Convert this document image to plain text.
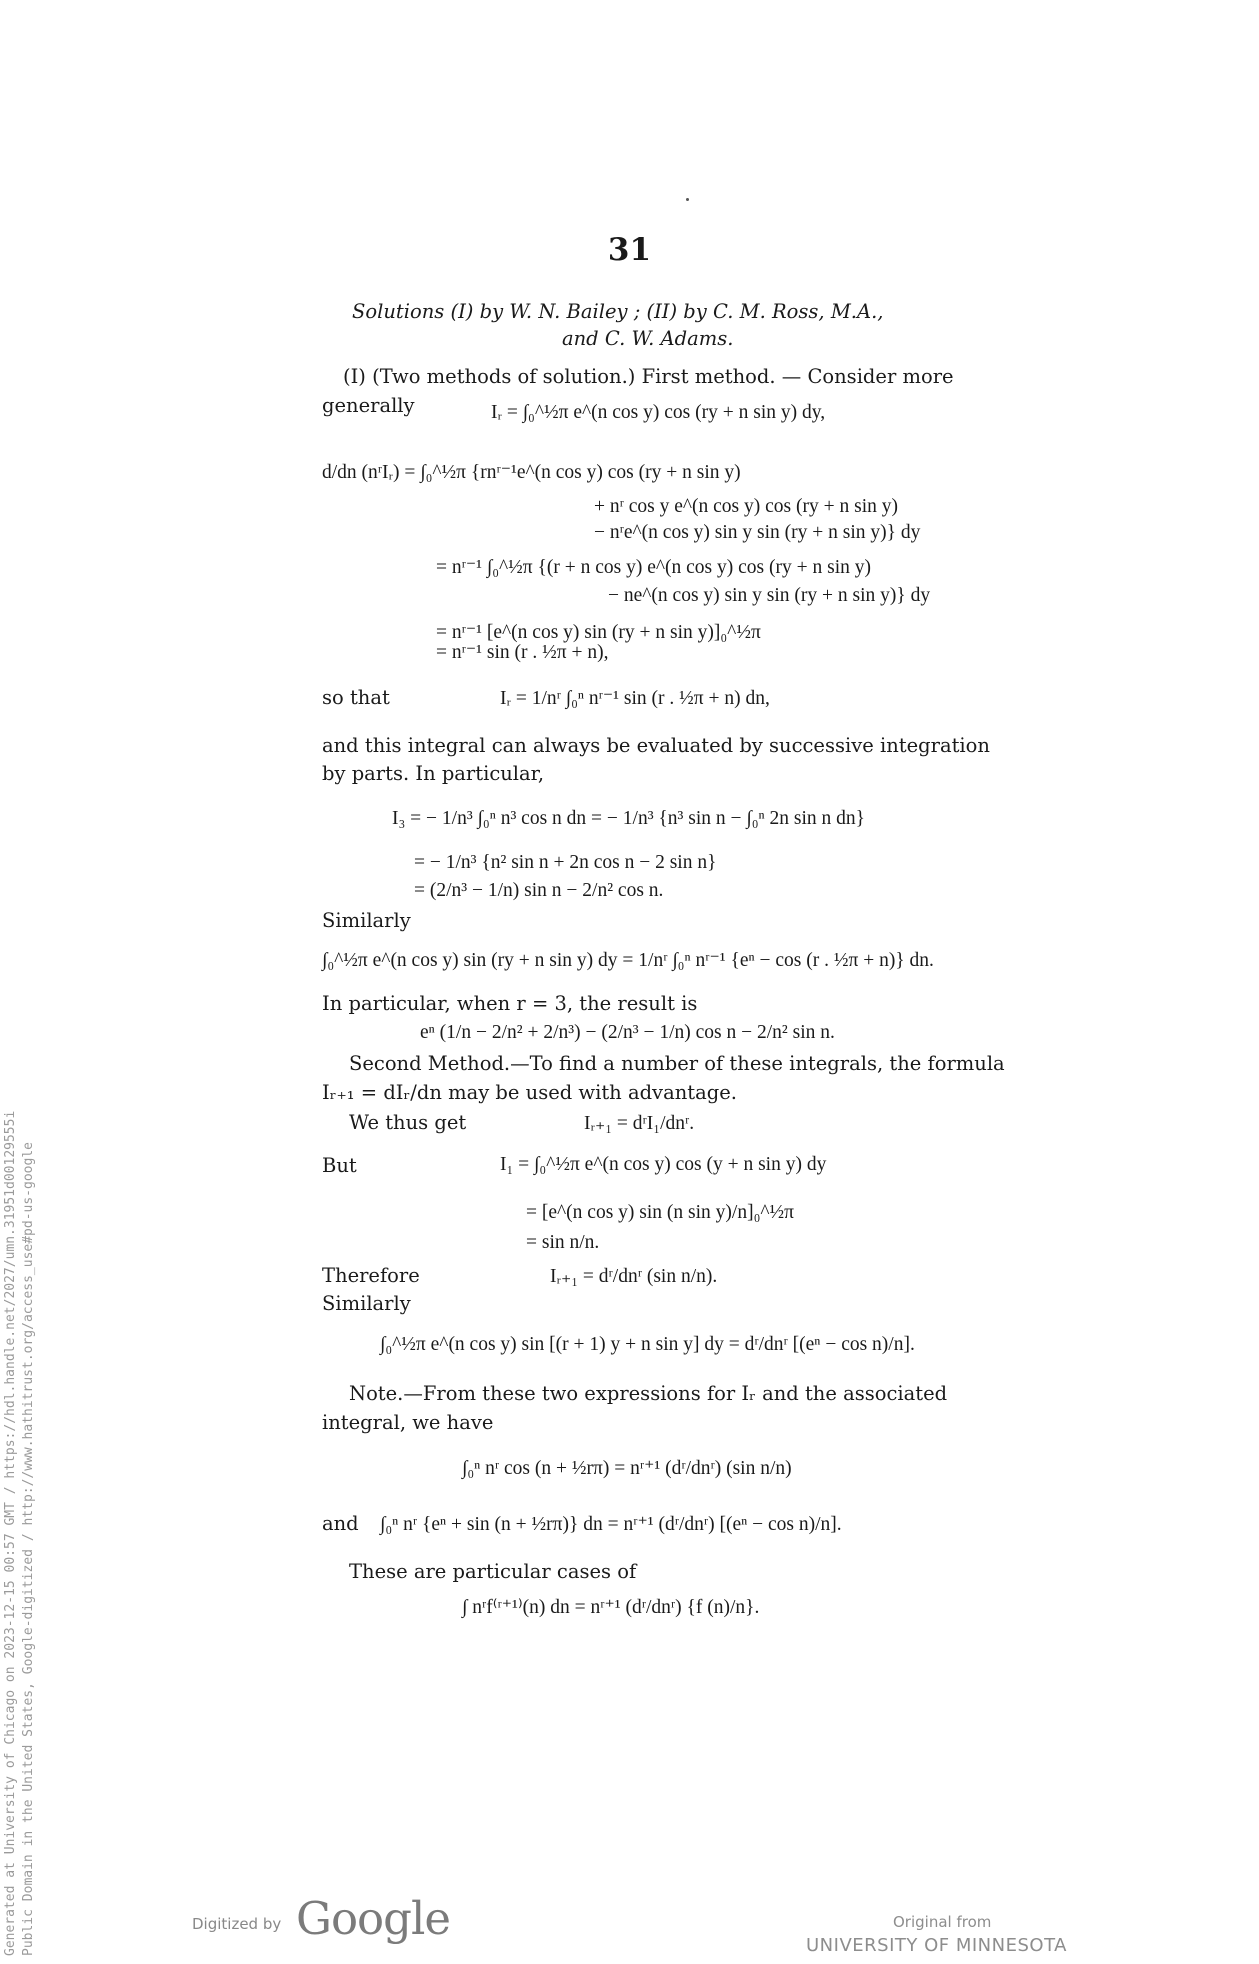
31
Solutions (I) by W. N. Bailey ; (II) by C. M. Ross, M.A.,
and C. W. Adams.
(I) (Two methods of solution.) First method. — Consider more
generally	Iᵣ = ∫₀^½π e^(n cos y) cos (ry + n sin y) dy,
d/dn (nʳIᵣ) = ∫₀^½π {rnʳ⁻¹e^(n cos y) cos (ry + n sin y)
+ nʳ cos y e^(n cos y) cos (ry + n sin y)
− nʳe^(n cos y) sin y sin (ry + n sin y)} dy
= nʳ⁻¹ ∫₀^½π {(r + n cos y) e^(n cos y) cos (ry + n sin y)
− ne^(n cos y) sin y sin (ry + n sin y)} dy
= nʳ⁻¹ [e^(n cos y) sin (ry + n sin y)]₀^½π
= nʳ⁻¹ sin (r . ½π + n),
so that	Iᵣ = 1/nʳ ∫₀ⁿ nʳ⁻¹ sin (r . ½π + n) dn,
and this integral can always be evaluated by successive integration
by parts. In particular,
I₃ = − 1/n³ ∫₀ⁿ n³ cos n dn = − 1/n³ {n³ sin n − ∫₀ⁿ 2n sin n dn}
= − 1/n³ {n² sin n + 2n cos n − 2 sin n}
= (2/n³ − 1/n) sin n − 2/n² cos n.
Similarly
∫₀^½π e^(n cos y) sin (ry + n sin y) dy = 1/nʳ ∫₀ⁿ nʳ⁻¹ {eⁿ − cos (r . ½π + n)} dn.
In particular, when r = 3, the result is
eⁿ (1/n − 2/n² + 2/n³) − (2/n³ − 1/n) cos n − 2/n² sin n.
Second Method.—To find a number of these integrals, the formula
Iᵣ₊₁ = dIᵣ/dn may be used with advantage.
We thus get	Iᵣ₊₁ = dʳI₁/dnʳ.
But	I₁ = ∫₀^½π e^(n cos y) cos (y + n sin y) dy
= [e^(n cos y) sin (n sin y)/n]₀^½π
= sin n/n.
Therefore	Iᵣ₊₁ = dʳ/dnʳ (sin n/n).
Similarly
∫₀^½π e^(n cos y) sin [(r + 1) y + n sin y] dy = dʳ/dnʳ [(eⁿ − cos n)/n].
Note.—From these two expressions for Iᵣ and the associated
integral, we have
∫₀ⁿ nʳ cos (n + ½rπ) = nʳ⁺¹ (dʳ/dnʳ) (sin n/n)
and ∫₀ⁿ nʳ {eⁿ + sin (n + ½rπ)} dn = nʳ⁺¹ (dʳ/dnʳ) [(eⁿ − cos n)/n].
These are particular cases of
∫ nʳf⁽ʳ⁺¹⁾(n) dn = nʳ⁺¹ (dʳ/dnʳ) {f (n)/n}.
Generated at University of Chicago on 2023-12-15 00:57 GMT / https://hdl.handle.net/2027/umn.31951d00129555i Public Domain in the United States, Google-digitized / http://www.hathitrust.org/access_use#pd-us-google	Digitized by Google	Original from
UNIVERSITY OF MINNESOTA
